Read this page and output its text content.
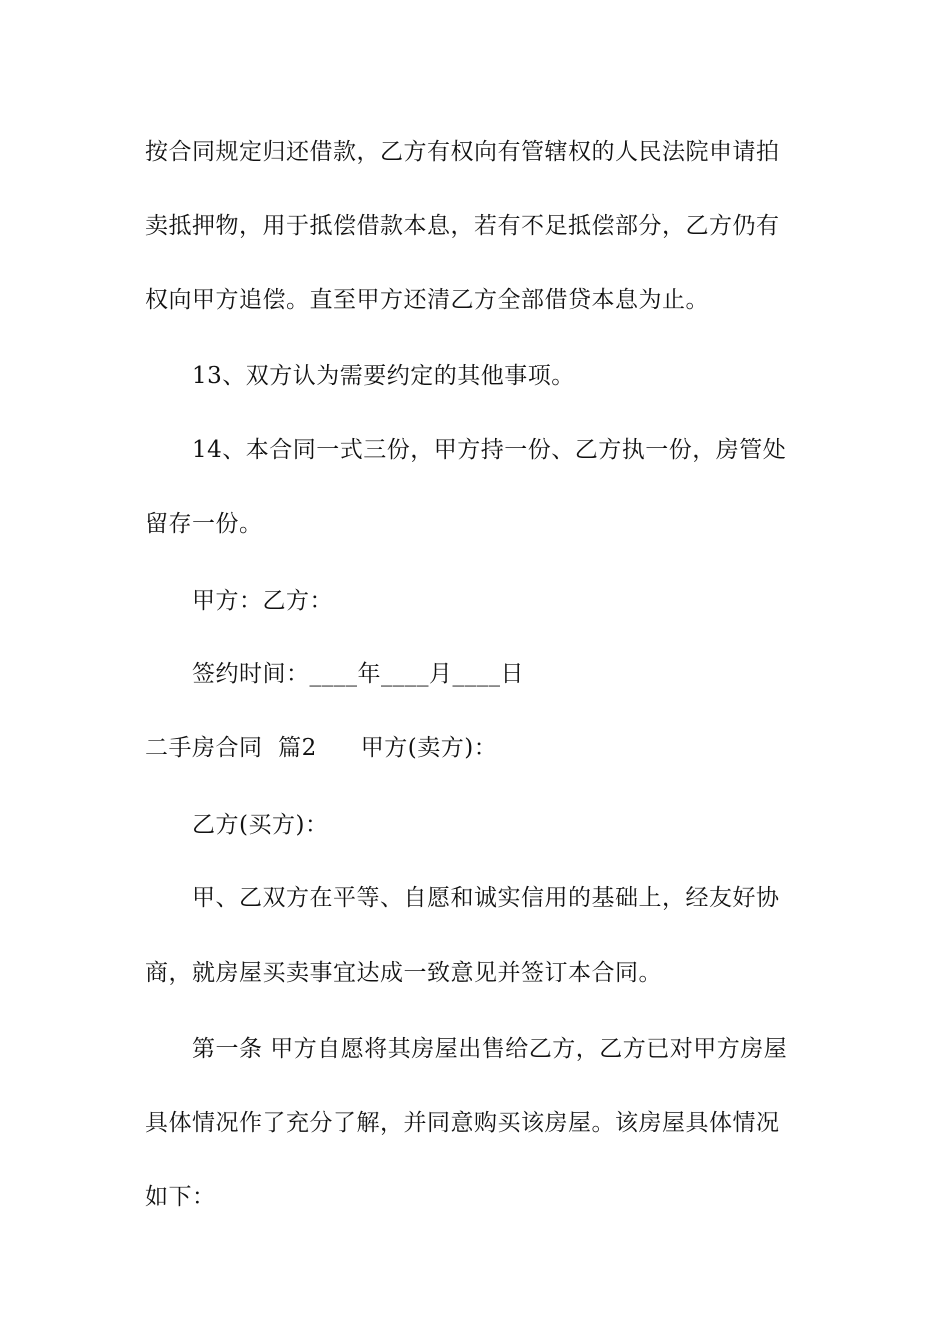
按合同规定归还借款，乙方有权向有管辖权的人民法院申请拍
卖抵押物，用于抵偿借款本息，若有不足抵偿部分，乙方仍有
权向甲方追偿。直至甲方还清乙方全部借贷本息为止。
13、双方认为需要约定的其他事项。
14、本合同一式三份，甲方持一份、乙方执一份，房管处
留存一份。
甲方：乙方：
签约时间：____年____月____日
二手房合同  篇2 甲方(卖方)：
乙方(买方)：
甲、乙双方在平等、自愿和诚实信用的基础上，经友好协
商，就房屋买卖事宜达成一致意见并签订本合同。
第一条 甲方自愿将其房屋出售给乙方，乙方已对甲方房屋
具体情况作了充分了解，并同意购买该房屋。该房屋具体情况
如下：
